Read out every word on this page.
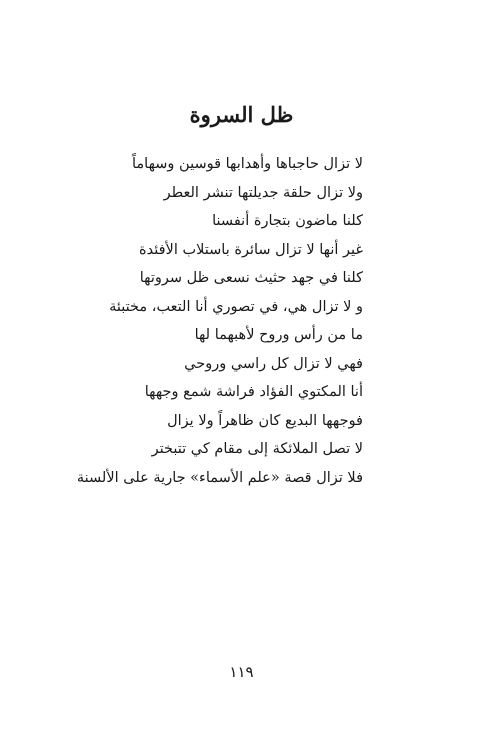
ظل السروة
لا تزال حاجباها وأهدابها قوسين وسهاماً
ولا تزال حلقة جديلتها تنشر العطر
كلنا ماضون بتجارة أنفسنا
غير أنها لا تزال سائرة باستلاب الأفئدة
كلنا في جهد حثيث نسعى ظل سروتها
و لا تزال هي، في تصوري أنا التعب، مختبئة
ما من رأس وروح لأهبهما لها
فهي لا تزال كل راسي وروحي
أنا المكتوي الفؤاد فراشة شمع وجهها
فوجهها البديع كان ظاهراً ولا يزال
لا تصل الملائكة إلى مقام كي تتبختر
فلا تزال قصة «علم الأسماء» جارية على الألسنة
١١٩
